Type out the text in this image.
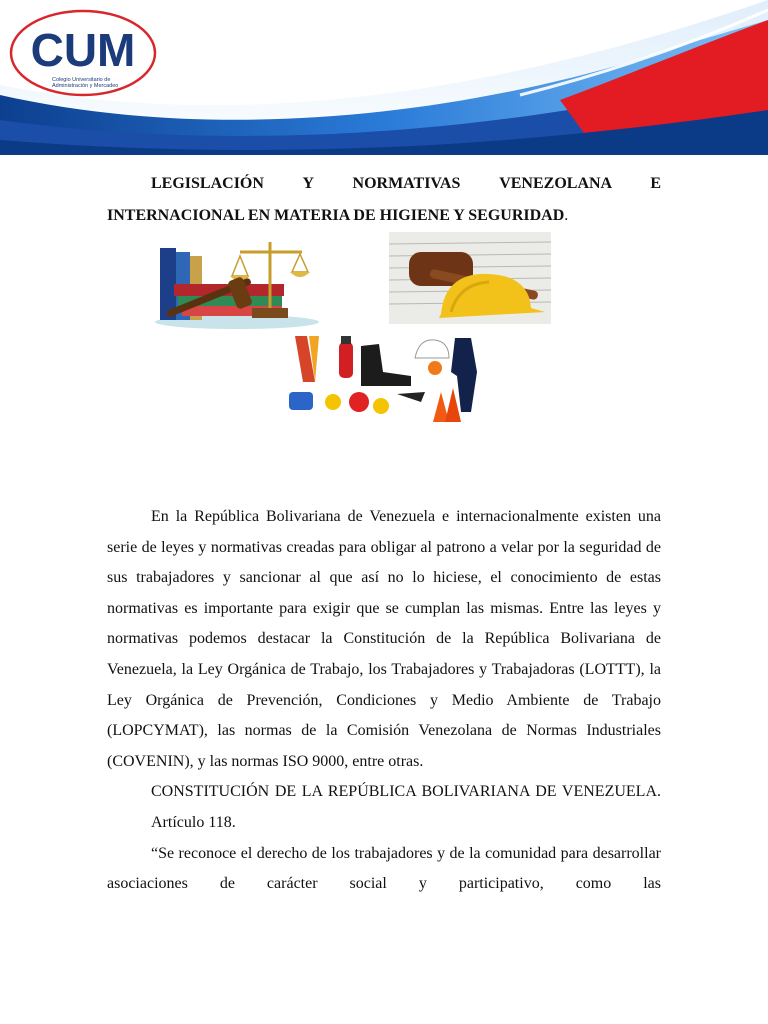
CUM
Colegio Universitario de Administración y Mercadeo
LEGISLACIÓN Y NORMATIVAS VENEZOLANA E
INTERNACIONAL EN MATERIA DE HIGIENE Y SEGURIDAD.

En la República Bolivariana de Venezuela e internacionalmente existen una serie de leyes y normativas creadas para obligar al patrono a velar por la seguridad de sus trabajadores y sancionar al que así no lo hiciese, el conocimiento de estas normativas es importante para exigir que se cumplan las mismas. Entre las leyes y normativas podemos destacar la Constitución de la República Bolivariana de Venezuela, la Ley Orgánica de Trabajo, los Trabajadores y Trabajadoras (LOTTT), la Ley Orgánica de Prevención, Condiciones y Medio Ambiente de Trabajo (LOPCYMAT), las normas de la Comisión Venezolana de Normas Industriales (COVENIN), y las normas ISO 9000, entre otras.

CONSTITUCIÓN DE LA REPÚBLICA BOLIVARIANA DE VENEZUELA.

Artículo 118.

“Se reconoce el derecho de los trabajadores y de la comunidad para desarrollar asociaciones de carácter social y participativo, como las
